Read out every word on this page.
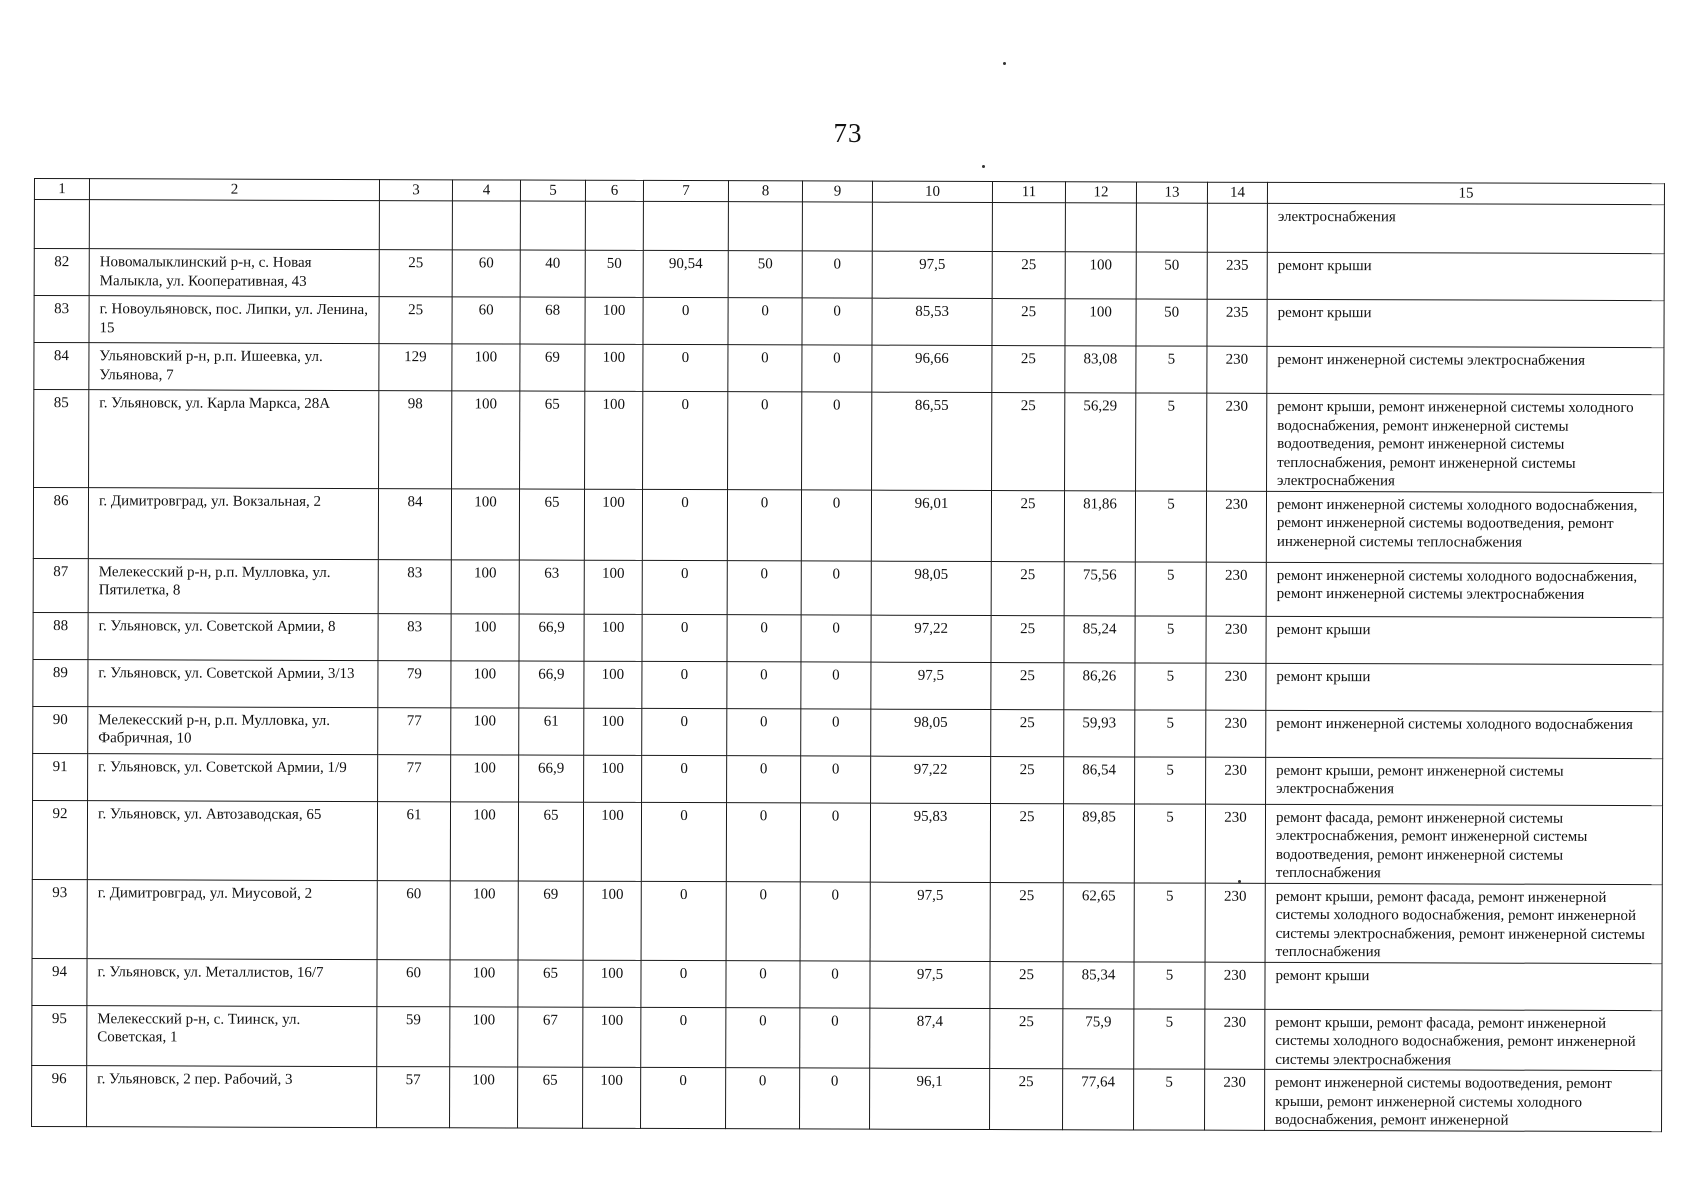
73
1	2	3	4	5	6	7	8	9	10	11	12	13	14	15
														электроснабжения
82	Новомалыклинский р-н, с. Новая Малыкла, ул. Кооперативная, 43	25	60	40	50	90,54	50	0	97,5	25	100	50	235	ремонт крыши
83	г. Новоульяновск, пос. Липки, ул. Ленина, 15	25	60	68	100	0	0	0	85,53	25	100	50	235	ремонт крыши
84	Ульяновский р-н, р.п. Ишеевка, ул. Ульянова, 7	129	100	69	100	0	0	0	96,66	25	83,08	5	230	ремонт инженерной системы электроснабжения
85	г. Ульяновск, ул. Карла Маркса, 28А	98	100	65	100	0	0	0	86,55	25	56,29	5	230	ремонт крыши, ремонт инженерной системы холодного водоснабжения, ремонт инженерной системы водоотведения, ремонт инженерной системы теплоснабжения, ремонт инженерной системы электроснабжения
86	г. Димитровград, ул. Вокзальная, 2	84	100	65	100	0	0	0	96,01	25	81,86	5	230	ремонт инженерной системы холодного водоснабжения, ремонт инженерной системы водоотведения, ремонт инженерной системы теплоснабжения
87	Мелекесский р-н, р.п. Мулловка, ул. Пятилетка, 8	83	100	63	100	0	0	0	98,05	25	75,56	5	230	ремонт инженерной системы холодного водоснабжения, ремонт инженерной системы электроснабжения
88	г. Ульяновск, ул. Советской Армии, 8	83	100	66,9	100	0	0	0	97,22	25	85,24	5	230	ремонт крыши
89	г. Ульяновск, ул. Советской Армии, 3/13	79	100	66,9	100	0	0	0	97,5	25	86,26	5	230	ремонт крыши
90	Мелекесский р-н, р.п. Мулловка, ул. Фабричная, 10	77	100	61	100	0	0	0	98,05	25	59,93	5	230	ремонт инженерной системы холодного водоснабжения
91	г. Ульяновск, ул. Советской Армии, 1/9	77	100	66,9	100	0	0	0	97,22	25	86,54	5	230	ремонт крыши, ремонт инженерной системы электроснабжения
92	г. Ульяновск, ул. Автозаводская, 65	61	100	65	100	0	0	0	95,83	25	89,85	5	230	ремонт фасада, ремонт инженерной системы электроснабжения, ремонт инженерной системы водоотведения, ремонт инженерной системы теплоснабжения
93	г. Димитровград, ул. Миусовой, 2	60	100	69	100	0	0	0	97,5	25	62,65	5	230	ремонт крыши, ремонт фасада, ремонт инженерной системы холодного водоснабжения, ремонт инженерной системы электроснабжения, ремонт инженерной системы теплоснабжения
94	г. Ульяновск, ул. Металлистов, 16/7	60	100	65	100	0	0	0	97,5	25	85,34	5	230	ремонт крыши
95	Мелекесский р-н, с. Тиинск, ул. Советская, 1	59	100	67	100	0	0	0	87,4	25	75,9	5	230	ремонт крыши, ремонт фасада, ремонт инженерной системы холодного водоснабжения, ремонт инженерной системы электроснабжения
96	г. Ульяновск, 2 пер. Рабочий, 3	57	100	65	100	0	0	0	96,1	25	77,64	5	230	ремонт инженерной системы водоотведения, ремонт крыши, ремонт инженерной системы холодного водоснабжения, ремонт инженерной
